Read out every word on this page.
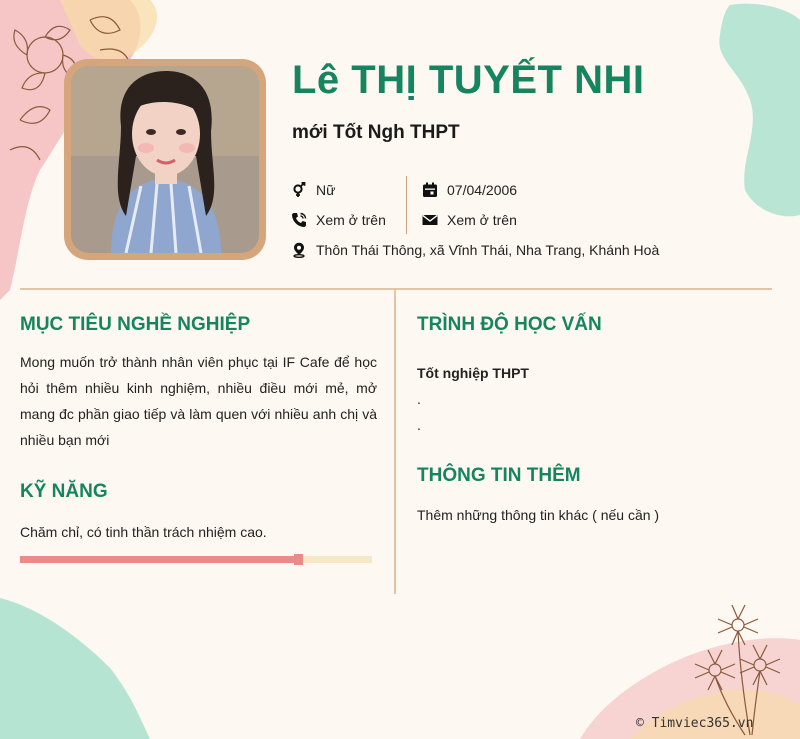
Lê THỊ TUYẾT NHI
mới Tốt Ngh THPT
Nữ	07/04/2006
Xem ở trên	Xem ở trên
Thôn Thái Thông, xã Vĩnh Thái, Nha Trang, Khánh Hoà
MỤC TIÊU NGHỀ NGHIỆP
Mong muốn trở thành nhân viên phục tại IF Cafe để học hỏi thêm nhiều kinh nghiệm, nhiều điều mới mẻ, mở mang đc phần giao tiếp và làm quen với nhiều anh chị và nhiều bạn mới
KỸ NĂNG
Chăm chỉ, có tinh thần trách nhiệm cao.
TRÌNH ĐỘ HỌC VẤN
Tốt nghiệp THPT
.
.
THÔNG TIN THÊM
Thêm những thông tin khác ( nếu cần )
© Timviec365.vn
